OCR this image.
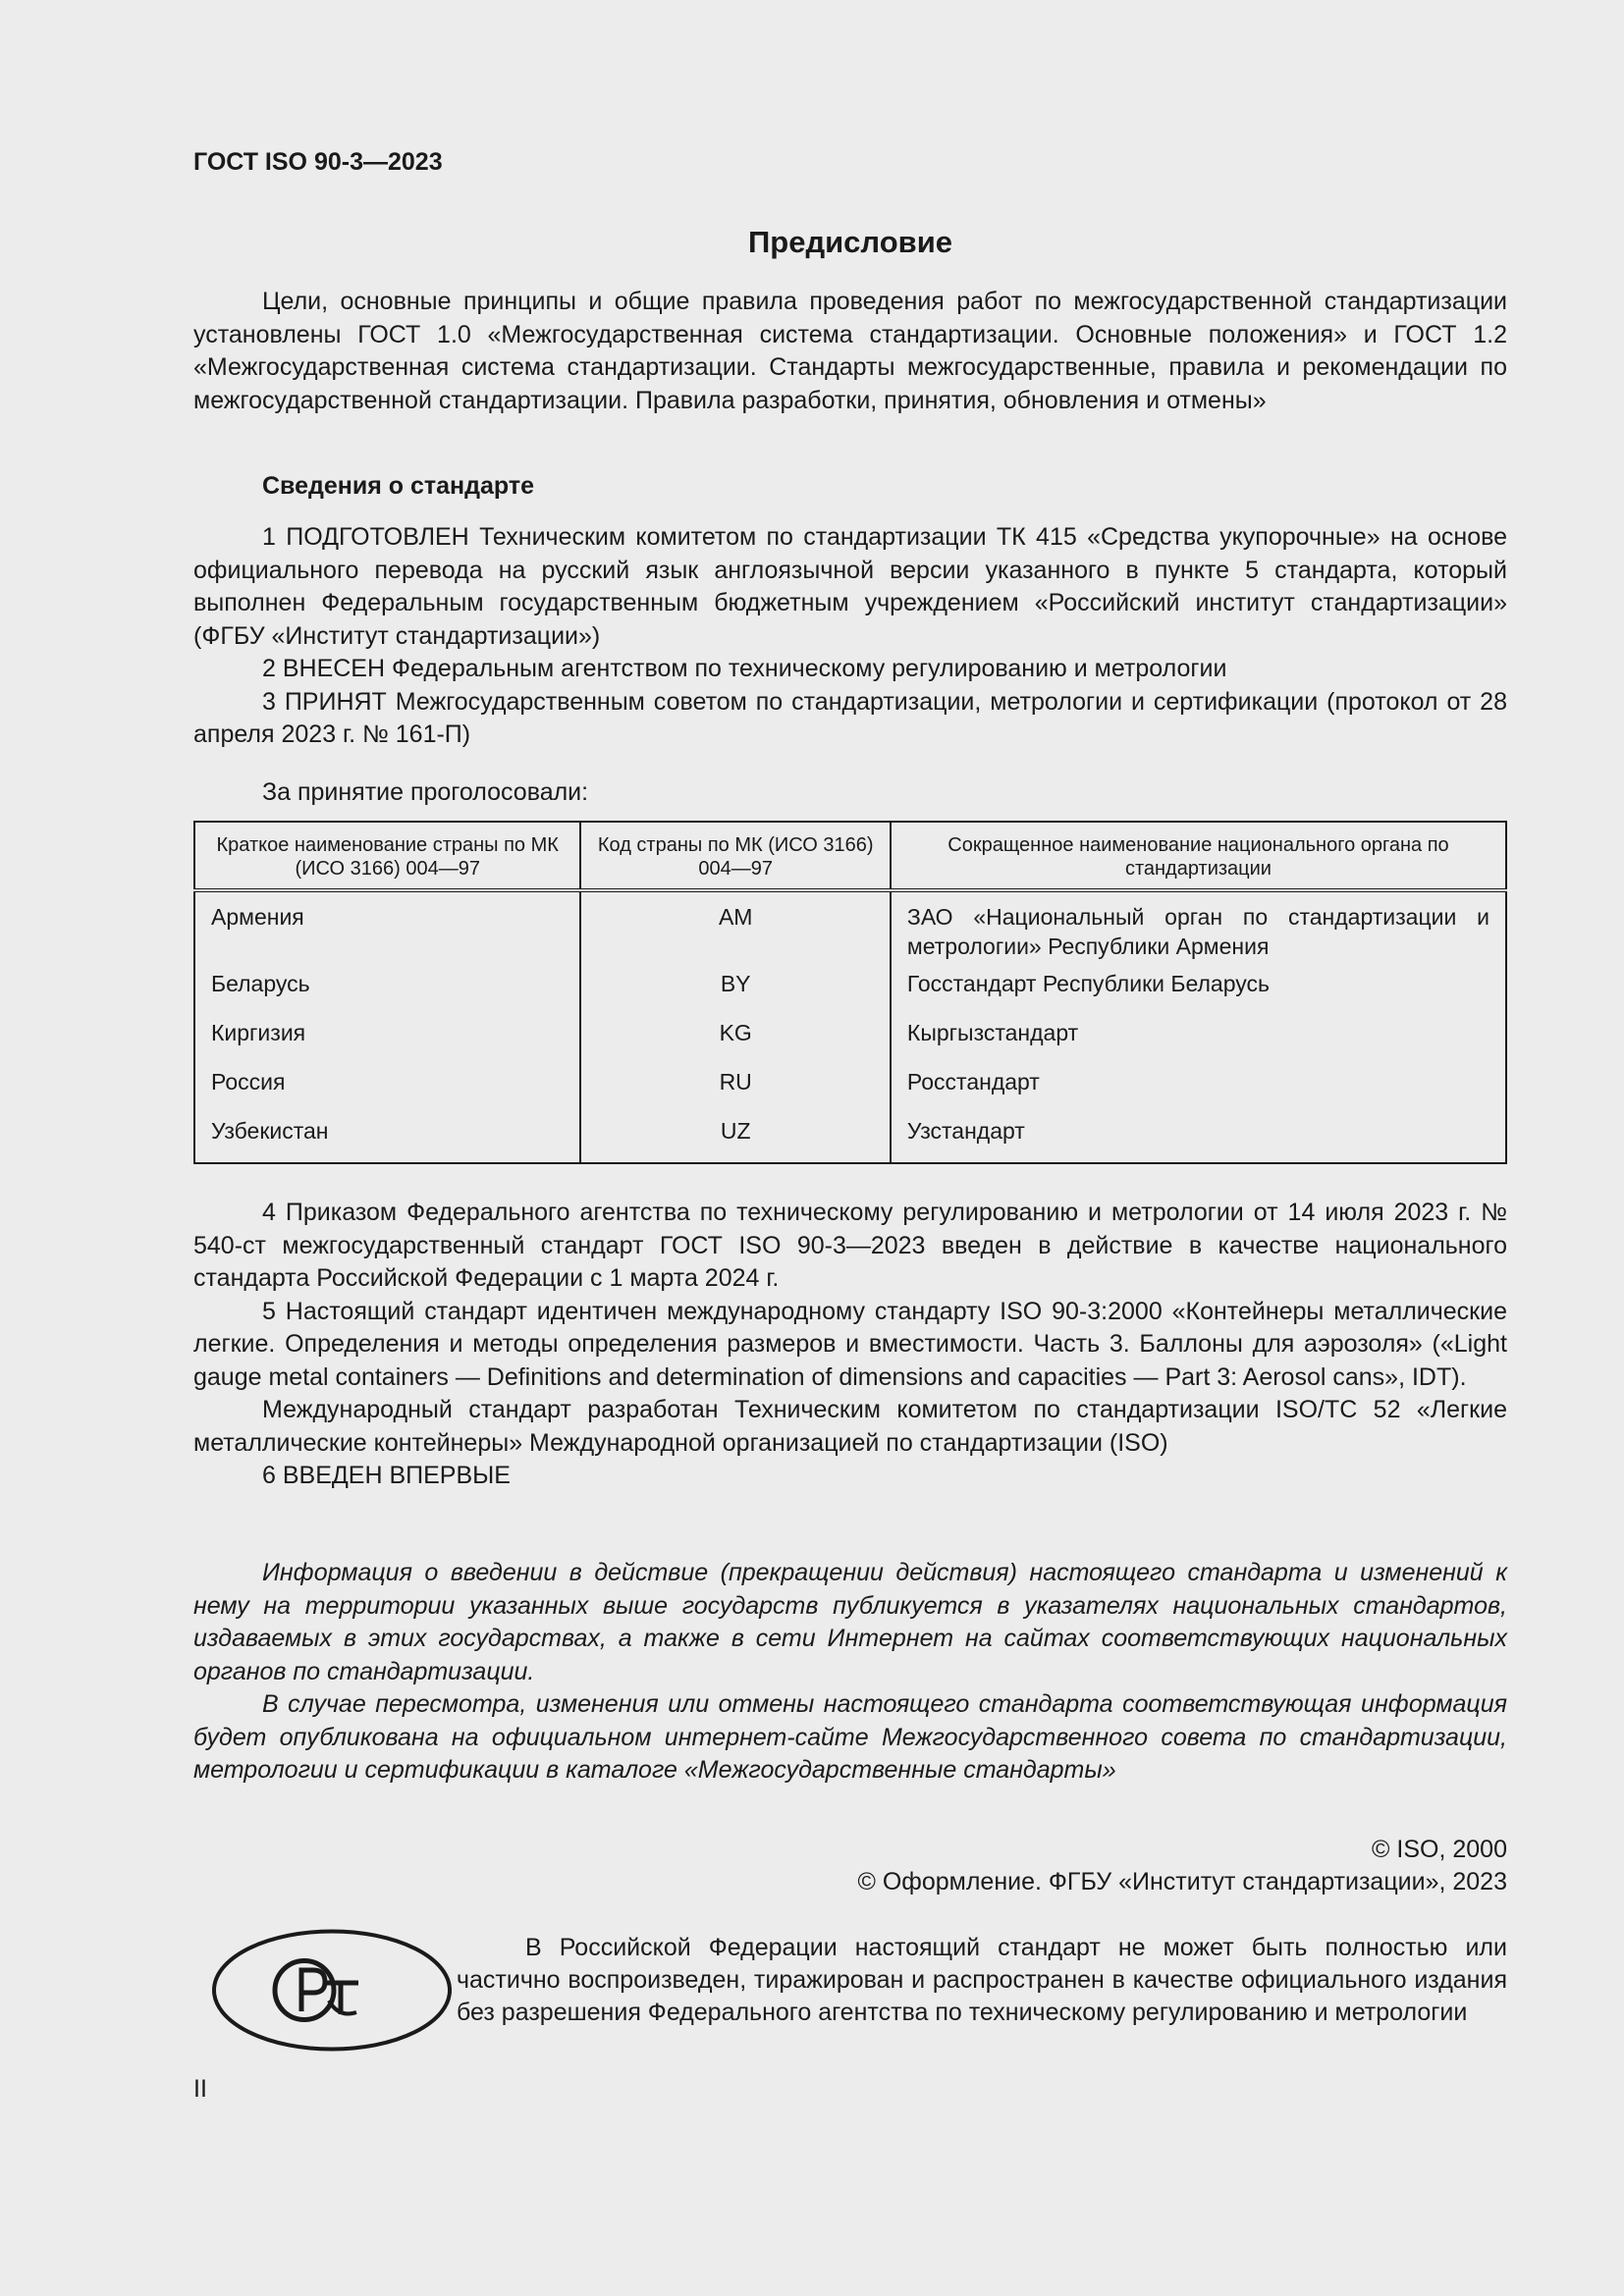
ГОСТ ISO 90-3—2023
Предисловие

Цели, основные принципы и общие правила проведения работ по межгосударственной стандартизации установлены ГОСТ 1.0 «Межгосударственная система стандартизации. Основные положения» и ГОСТ 1.2 «Межгосударственная система стандартизации. Стандарты межгосударственные, правила и рекомендации по межгосударственной стандартизации. Правила разработки, принятия, обновления и отмены»

Сведения о стандарте

1 ПОДГОТОВЛЕН Техническим комитетом по стандартизации ТК 415 «Средства укупорочные» на основе официального перевода на русский язык англоязычной версии указанного в пункте 5 стандарта, который выполнен Федеральным государственным бюджетным учреждением «Российский институт стандартизации» (ФГБУ «Институт стандартизации»)

2 ВНЕСЕН Федеральным агентством по техническому регулированию и метрологии

3 ПРИНЯТ Межгосударственным советом по стандартизации, метрологии и сертификации (протокол от 28 апреля 2023 г. № 161-П)

За принятие проголосовали:
Краткое наименование страны по МК (ИСО 3166) 004—97	Код страны по МК (ИСО 3166) 004—97	Сокращенное наименование национального органа по стандартизации
Армения	AM	ЗАО «Национальный орган по стандартизации и метрологии» Республики Армения
Беларусь	BY	Госстандарт Республики Беларусь
Киргизия	KG	Кыргызстандарт
Россия	RU	Росстандарт
Узбекистан	UZ	Узстандарт

4 Приказом Федерального агентства по техническому регулированию и метрологии от 14 июля 2023 г. № 540-ст межгосударственный стандарт ГОСТ ISO 90-3—2023 введен в действие в качестве национального стандарта Российской Федерации с 1 марта 2024 г.

5 Настоящий стандарт идентичен международному стандарту ISO 90-3:2000 «Контейнеры металлические легкие. Определения и методы определения размеров и вместимости. Часть 3. Баллоны для аэрозоля» («Light gauge metal containers — Definitions and determination of dimensions and capacities — Part 3: Aerosol cans», IDT).

Международный стандарт разработан Техническим комитетом по стандартизации ISO/TC 52 «Легкие металлические контейнеры» Международной организацией по стандартизации (ISO)

6 ВВЕДЕН ВПЕРВЫЕ

Информация о введении в действие (прекращении действия) настоящего стандарта и изменений к нему на территории указанных выше государств публикуется в указателях национальных стандартов, издаваемых в этих государствах, а также в сети Интернет на сайтах соответствующих национальных органов по стандартизации.

В случае пересмотра, изменения или отмены настоящего стандарта соответствующая информация будет опубликована на официальном интернет-сайте Межгосударственного совета по стандартизации, метрологии и сертификации в каталоге «Межгосударственные стандарты»

© ISO, 2000
© Оформление. ФГБУ «Институт стандартизации», 2023
В Российской Федерации настоящий стандарт не может быть полностью или частично воспроизведен, тиражирован и распространен в качестве официального издания без разрешения Федерального агентства по техническому регулированию и метрологии
II
